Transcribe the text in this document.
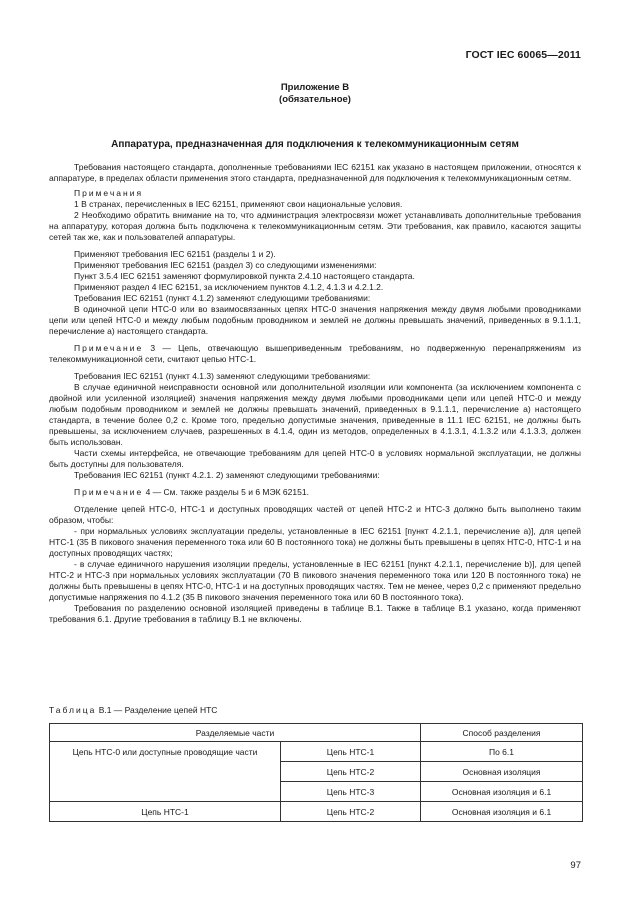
ГОСТ IEC 60065—2011
Приложение B
(обязательное)
Аппаратура, предназначенная для подключения к телекоммуникационным сетям

Требования настоящего стандарта, дополненные требованиями IEC 62151 как указано в настоящем приложении, относятся к аппаратуре, в пределах области применения этого стандарта, предназначенной для подключения к телекоммуникационным сетям.

Примечания

1 В странах, перечисленных в IEC 62151, применяют свои национальные условия.

2 Необходимо обратить внимание на то, что администрация электросвязи может устанавливать дополнительные требования на аппаратуру, которая должна быть подключена к телекоммуникационным сетям. Эти требования, как правило, касаются защиты сетей так же, как и пользователей аппаратуры.

Применяют требования IEC 62151 (разделы 1 и 2).

Применяют требования IEC 62151 (раздел 3) со следующими изменениями:

Пункт 3.5.4 IEC 62151 заменяют формулировкой пункта 2.4.10 настоящего стандарта.

Применяют раздел 4 IEC 62151, за исключением пунктов 4.1.2, 4.1.3 и 4.2.1.2.

Требования IEC 62151 (пункт 4.1.2) заменяют следующими требованиями:

В одиночной цепи НТС-0 или во взаимосвязанных цепях НТС-0 значения напряжения между двумя любыми проводниками цепи или цепей НТС-0 и между любым подобным проводником и землей не должны превышать значений, приведенных в 9.1.1.1, перечисление а) настоящего стандарта.

Примечание 3 — Цепь, отвечающую вышеприведенным требованиям, но подверженную перенапряжениям из телекоммуникационной сети, считают цепью НТС-1.

Требования IEC 62151 (пункт 4.1.3) заменяют следующими требованиями:

В случае единичной неисправности основной или дополнительной изоляции или компонента (за исключением компонента с двойной или усиленной изоляцией) значения напряжения между двумя любыми проводниками цепи или цепей НТС-0 и между любым подобным проводником и землей не должны превышать значений, приведенных в 9.1.1.1, перечисление а) настоящего стандарта, в течение более 0,2 с. Кроме того, предельно допустимые значения, приведенные в 11.1 IEC 62151, не должны быть превышены, за исключением случаев, разрешенных в 4.1.4, один из методов, определенных в 4.1.3.1, 4.1.3.2 или 4.1.3.3, должен быть использован.

Части схемы интерфейса, не отвечающие требованиям для цепей НТС-0 в условиях нормальной эксплуатации, не должны быть доступны для пользователя.

Требования IEC 62151 (пункт 4.2.1. 2) заменяют следующими требованиями:

Примечание 4 — См. также разделы 5 и 6 МЭК 62151.

Отделение цепей НТС-0, НТС-1 и доступных проводящих частей от цепей НТС-2 и НТС-3 должно быть выполнено таким образом, чтобы:

- при нормальных условиях эксплуатации пределы, установленные в IEC 62151 [пункт 4.2.1.1, перечисление а)], для цепей НТС-1 (35 В пикового значения переменного тока или 60 В постоянного тока) не должны быть превышены в цепях НТС-0, НТС-1 и на доступных проводящих частях;

- в случае единичного нарушения изоляции пределы, установленные в IEC 62151 [пункт 4.2.1.1, перечисление b)], для цепей НТС-2 и НТС-3 при нормальных условиях эксплуатации (70 В пикового значения переменного тока или 120 В постоянного тока) не должны быть превышены в цепях НТС-0, НТС-1 и на доступных проводящих частях. Тем не менее, через 0,2 с применяют предельно допустимые напряжения по 4.1.2 (35 В пикового значения переменного тока или 60 В постоянного тока).

Требования по разделению основной изоляцией приведены в таблице B.1. Также в таблице B.1 указано, когда применяют требования 6.1. Другие требования в таблицу B.1 не включены.

Таблица B.1 — Разделение цепей НТС
Разделяемые части		Способ разделения
Цепь НТС-0 или доступные проводящие части	Цепь НТС-1	По 6.1
	Цепь НТС-2	Основная изоляция
	Цепь НТС-3	Основная изоляция и 6.1
Цепь НТС-1	Цепь НТС-2	Основная изоляция и 6.1
97
